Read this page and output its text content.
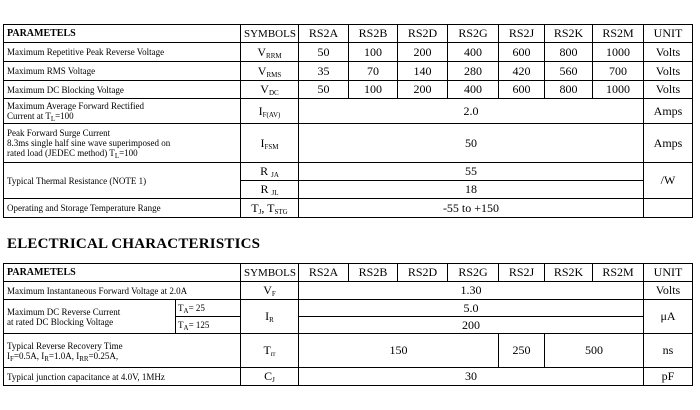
PARAMETELS	SYMBOLS	RS2A	RS2B	RS2D	RS2G	RS2J	RS2K	RS2M	UNIT
Maximum Repetitive Peak Reverse Voltage	$V_{RRM}$	50	100	200	400	600	800	1000	Volts
Maximum RMS Voltage	$V_{RMS}$	35	70	140	280	420	560	700	Volts
Maximum DC Blocking Voltage	$V_{DC}$	50	100	200	400	600	800	1000	Volts

Maximum Average Forward Rectified
Current at $T_L=100$	$I_{F(AV)}$	2.0							Amps

Peak Forward Surge Current
8.3ms single half sine wave superimposed on
rated load (JEDEC method) $T_L=100$	$I_{FSM}$	50							Amps
Typical Thermal Resistance (NOTE 1)	R $_{JA}$	55							/W
	R $_{JL}$	18							
Operating and Storage Temperature Range	$T_J$, $T_{STG}$	-55 to +150							
ELECTRICAL CHARACTERISTICS
PARAMETELS		SYMBOLS	RS2A	RS2B	RS2D	RS2G	RS2J	RS2K	RS2M	UNIT
Maximum Instantaneous Forward Voltage at 2.0A		$V_F$	1.30							Volts

Maximum DC Reverse Current
at rated DC Blocking Voltage	$T_A= 25$	$I_R$	5.0							μA
	$T_A= 125$		200							

Typical Reverse Recovery Time
$I_F=0.5A$, $I_R=1.0A$, $I_{RR}=0.25A$,		$T_{rr}$	150				250	500		ns
Typical junction capacitance at 4.0V, 1MHz		$C_J$	30							pF
